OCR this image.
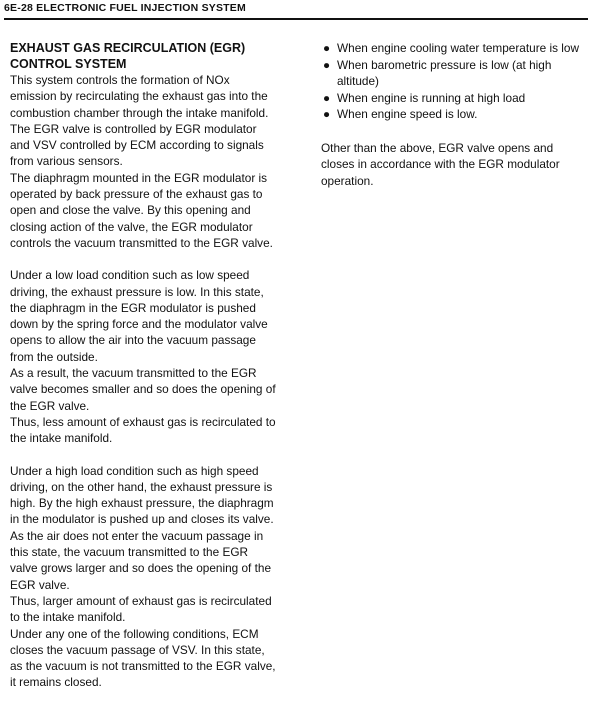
6E-28 ELECTRONIC FUEL INJECTION SYSTEM
EXHAUST GAS RECIRCULATION (EGR)
CONTROL SYSTEM

This system controls the formation of NOx emission by recirculating the exhaust gas into the combustion chamber through the intake manifold.

The EGR valve is controlled by EGR modulator and VSV controlled by ECM according to signals from various sensors.

The diaphragm mounted in the EGR modulator is operated by back pressure of the exhaust gas to open and close the valve. By this opening and closing action of the valve, the EGR modulator controls the vacuum transmitted to the EGR valve.

Under a low load condition such as low speed driving, the exhaust pressure is low. In this state, the diaphragm in the EGR modulator is pushed down by the spring force and the modulator valve opens to allow the air into the vacuum passage from the outside.

As a result, the vacuum transmitted to the EGR valve becomes smaller and so does the opening of the EGR valve.

Thus, less amount of exhaust gas is recirculated to the intake manifold.

Under a high load condition such as high speed driving, on the other hand, the exhaust pressure is high. By the high exhaust pressure, the diaphragm in the modulator is pushed up and closes its valve. As the air does not enter the vacuum passage in this state, the vacuum transmitted to the EGR valve grows larger and so does the opening of the EGR valve.

Thus, larger amount of exhaust gas is recirculated to the intake manifold.

Under any one of the following conditions, ECM closes the vacuum passage of VSV. In this state, as the vacuum is not transmitted to the EGR valve, it remains closed.

● When engine cooling water temperature is low
● When barometric pressure is low (at high altitude)
● When engine is running at high load
● When engine speed is low.

Other than the above, EGR valve opens and closes in accordance with the EGR modulator operation.
